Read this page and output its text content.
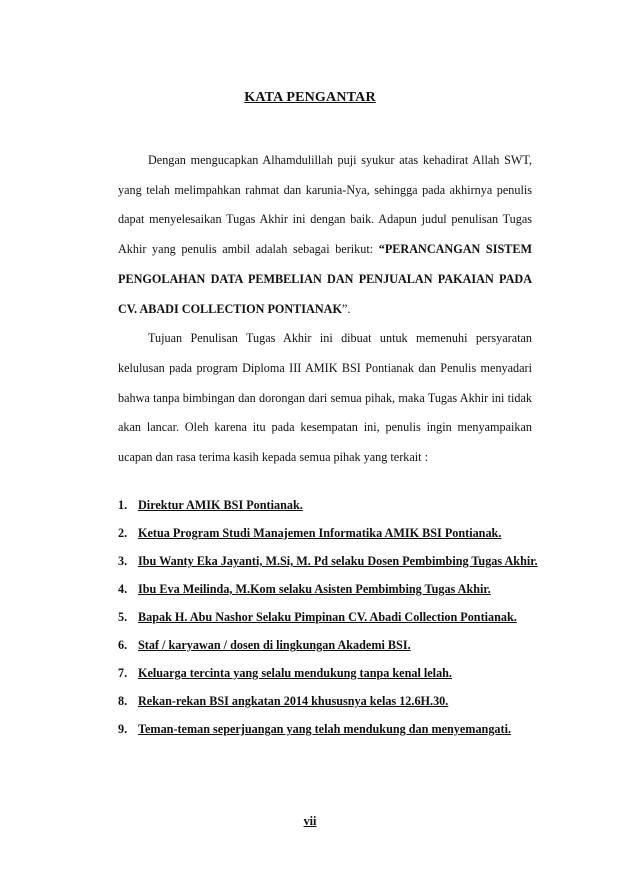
KATA PENGANTAR

Dengan mengucapkan Alhamdulillah puji syukur atas kehadirat Allah SWT, yang telah melimpahkan rahmat dan karunia-Nya, sehingga pada akhirnya penulis dapat menyelesaikan Tugas Akhir ini dengan baik. Adapun judul penulisan Tugas Akhir yang penulis ambil adalah sebagai berikut: “PERANCANGAN SISTEM PENGOLAHAN DATA PEMBELIAN DAN PENJUALAN PAKAIAN PADA CV. ABADI COLLECTION PONTIANAK”.

Tujuan Penulisan Tugas Akhir ini dibuat untuk memenuhi persyaratan kelulusan pada program Diploma III AMIK BSI Pontianak dan Penulis menyadari bahwa tanpa bimbingan dan dorongan dari semua pihak, maka Tugas Akhir ini tidak akan lancar. Oleh karena itu pada kesempatan ini, penulis ingin menyampaikan ucapan dan rasa terima kasih kepada semua pihak yang terkait :

1. Direktur AMIK BSI Pontianak.
2. Ketua Program Studi Manajemen Informatika AMIK BSI Pontianak.
3. Ibu Wanty Eka Jayanti, M.Si, M. Pd selaku Dosen Pembimbing Tugas Akhir.
4. Ibu Eva Meilinda, M.Kom selaku Asisten Pembimbing Tugas Akhir.
5. Bapak H. Abu Nashor Selaku Pimpinan CV. Abadi Collection Pontianak.
6. Staf / karyawan / dosen di lingkungan Akademi BSI.
7. Keluarga tercinta yang selalu mendukung tanpa kenal lelah.
8. Rekan-rekan BSI angkatan 2014 khususnya kelas 12.6H.30.
9. Teman-teman seperjuangan yang telah mendukung dan menyemangati.
vii
